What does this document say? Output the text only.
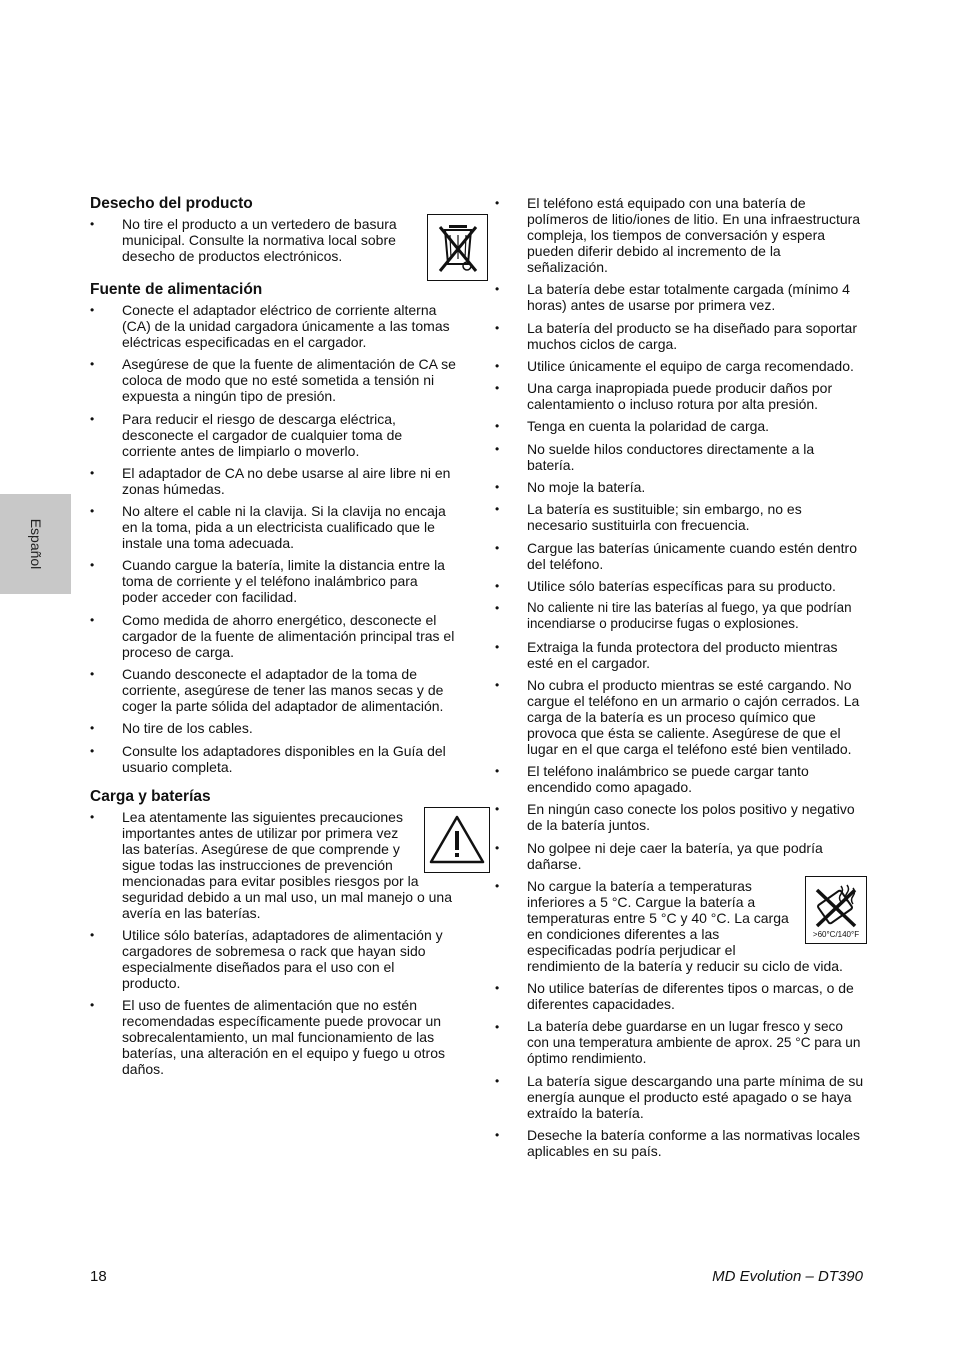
Español
Desecho del producto
• No tire el producto a un vertedero de basura municipal. Consulte la normativa local sobre desecho de productos electrónicos.
Fuente de alimentación
• Conecte el adaptador eléctrico de corriente alterna (CA) de la unidad cargadora únicamente a las tomas eléctricas especificadas en el cargador.
• Asegúrese de que la fuente de alimentación de CA se coloca de modo que no esté sometida a tensión ni expuesta a ningún tipo de presión.
• Para reducir el riesgo de descarga eléctrica, desconecte el cargador de cualquier toma de corriente antes de limpiarlo o moverlo.
• El adaptador de CA no debe usarse al aire libre ni en zonas húmedas.
• No altere el cable ni la clavija. Si la clavija no encaja en la toma, pida a un electricista cualificado que le instale una toma adecuada.
• Cuando cargue la batería, limite la distancia entre la toma de corriente y el teléfono inalámbrico para poder acceder con facilidad.
• Como medida de ahorro energético, desconecte el cargador de la fuente de alimentación principal tras el proceso de carga.
• Cuando desconecte el adaptador de la toma de corriente, asegúrese de tener las manos secas y de coger la parte sólida del adaptador de alimentación.
• No tire de los cables.
• Consulte los adaptadores disponibles en la Guía del usuario completa.
Carga y baterías
• Lea atentamente las siguientes precauciones importantes antes de utilizar por primera vez las baterías. Asegúrese de que comprende y sigue todas las instrucciones de prevención mencionadas para evitar posibles riesgos por la seguridad debido a un mal uso, un mal manejo o una avería en las baterías.
• Utilice sólo baterías, adaptadores de alimentación y cargadores de sobremesa o rack que hayan sido especialmente diseñados para el uso con el producto.
• El uso de fuentes de alimentación que no estén recomendadas específicamente puede provocar un sobrecalentamiento, un mal funcionamiento de las baterías, una alteración en el equipo y fuego u otros daños.
• El teléfono está equipado con una batería de polímeros de litio/iones de litio. En una infraestructura compleja, los tiempos de conversación y espera pueden diferir debido al incremento de la señalización.
• La batería debe estar totalmente cargada (mínimo 4 horas) antes de usarse por primera vez.
• La batería del producto se ha diseñado para soportar muchos ciclos de carga.
• Utilice únicamente el equipo de carga recomendado.
• Una carga inapropiada puede producir daños por calentamiento o incluso rotura por alta presión.
• Tenga en cuenta la polaridad de carga.
• No suelde hilos conductores directamente a la batería.
• No moje la batería.
• La batería es sustituible; sin embargo, no es necesario sustituirla con frecuencia.
• Cargue las baterías únicamente cuando estén dentro del teléfono.
• Utilice sólo baterías específicas para su producto.
• No caliente ni tire las baterías al fuego, ya que podrían incendiarse o producirse fugas o explosiones.
• Extraiga la funda protectora del producto mientras esté en el cargador.
• No cubra el producto mientras se esté cargando. No cargue el teléfono en un armario o cajón cerrados. La carga de la batería es un proceso químico que provoca que ésta se caliente. Asegúrese de que el lugar en el que carga el teléfono esté bien ventilado.
• El teléfono inalámbrico se puede cargar tanto encendido como apagado.
• En ningún caso conecte los polos positivo y negativo de la batería juntos.
• No golpee ni deje caer la batería, ya que podría dañarse.
• >60°C/140°F
No cargue la batería a temperaturas inferiores a 5 °C. Cargue la batería a temperaturas entre 5 °C y 40 °C. La carga en condiciones diferentes a las especificadas podría perjudicar el rendimiento de la batería y reducir su ciclo de vida.
• No utilice baterías de diferentes tipos o marcas, o de diferentes capacidades.
• La batería debe guardarse en un lugar fresco y seco con una temperatura ambiente de aprox. 25 °C para un óptimo rendimiento.
• La batería sigue descargando una parte mínima de su energía aunque el producto esté apagado o se haya extraído la batería.
• Deseche la batería conforme a las normativas locales aplicables en su país.
18	MD Evolution – DT390
